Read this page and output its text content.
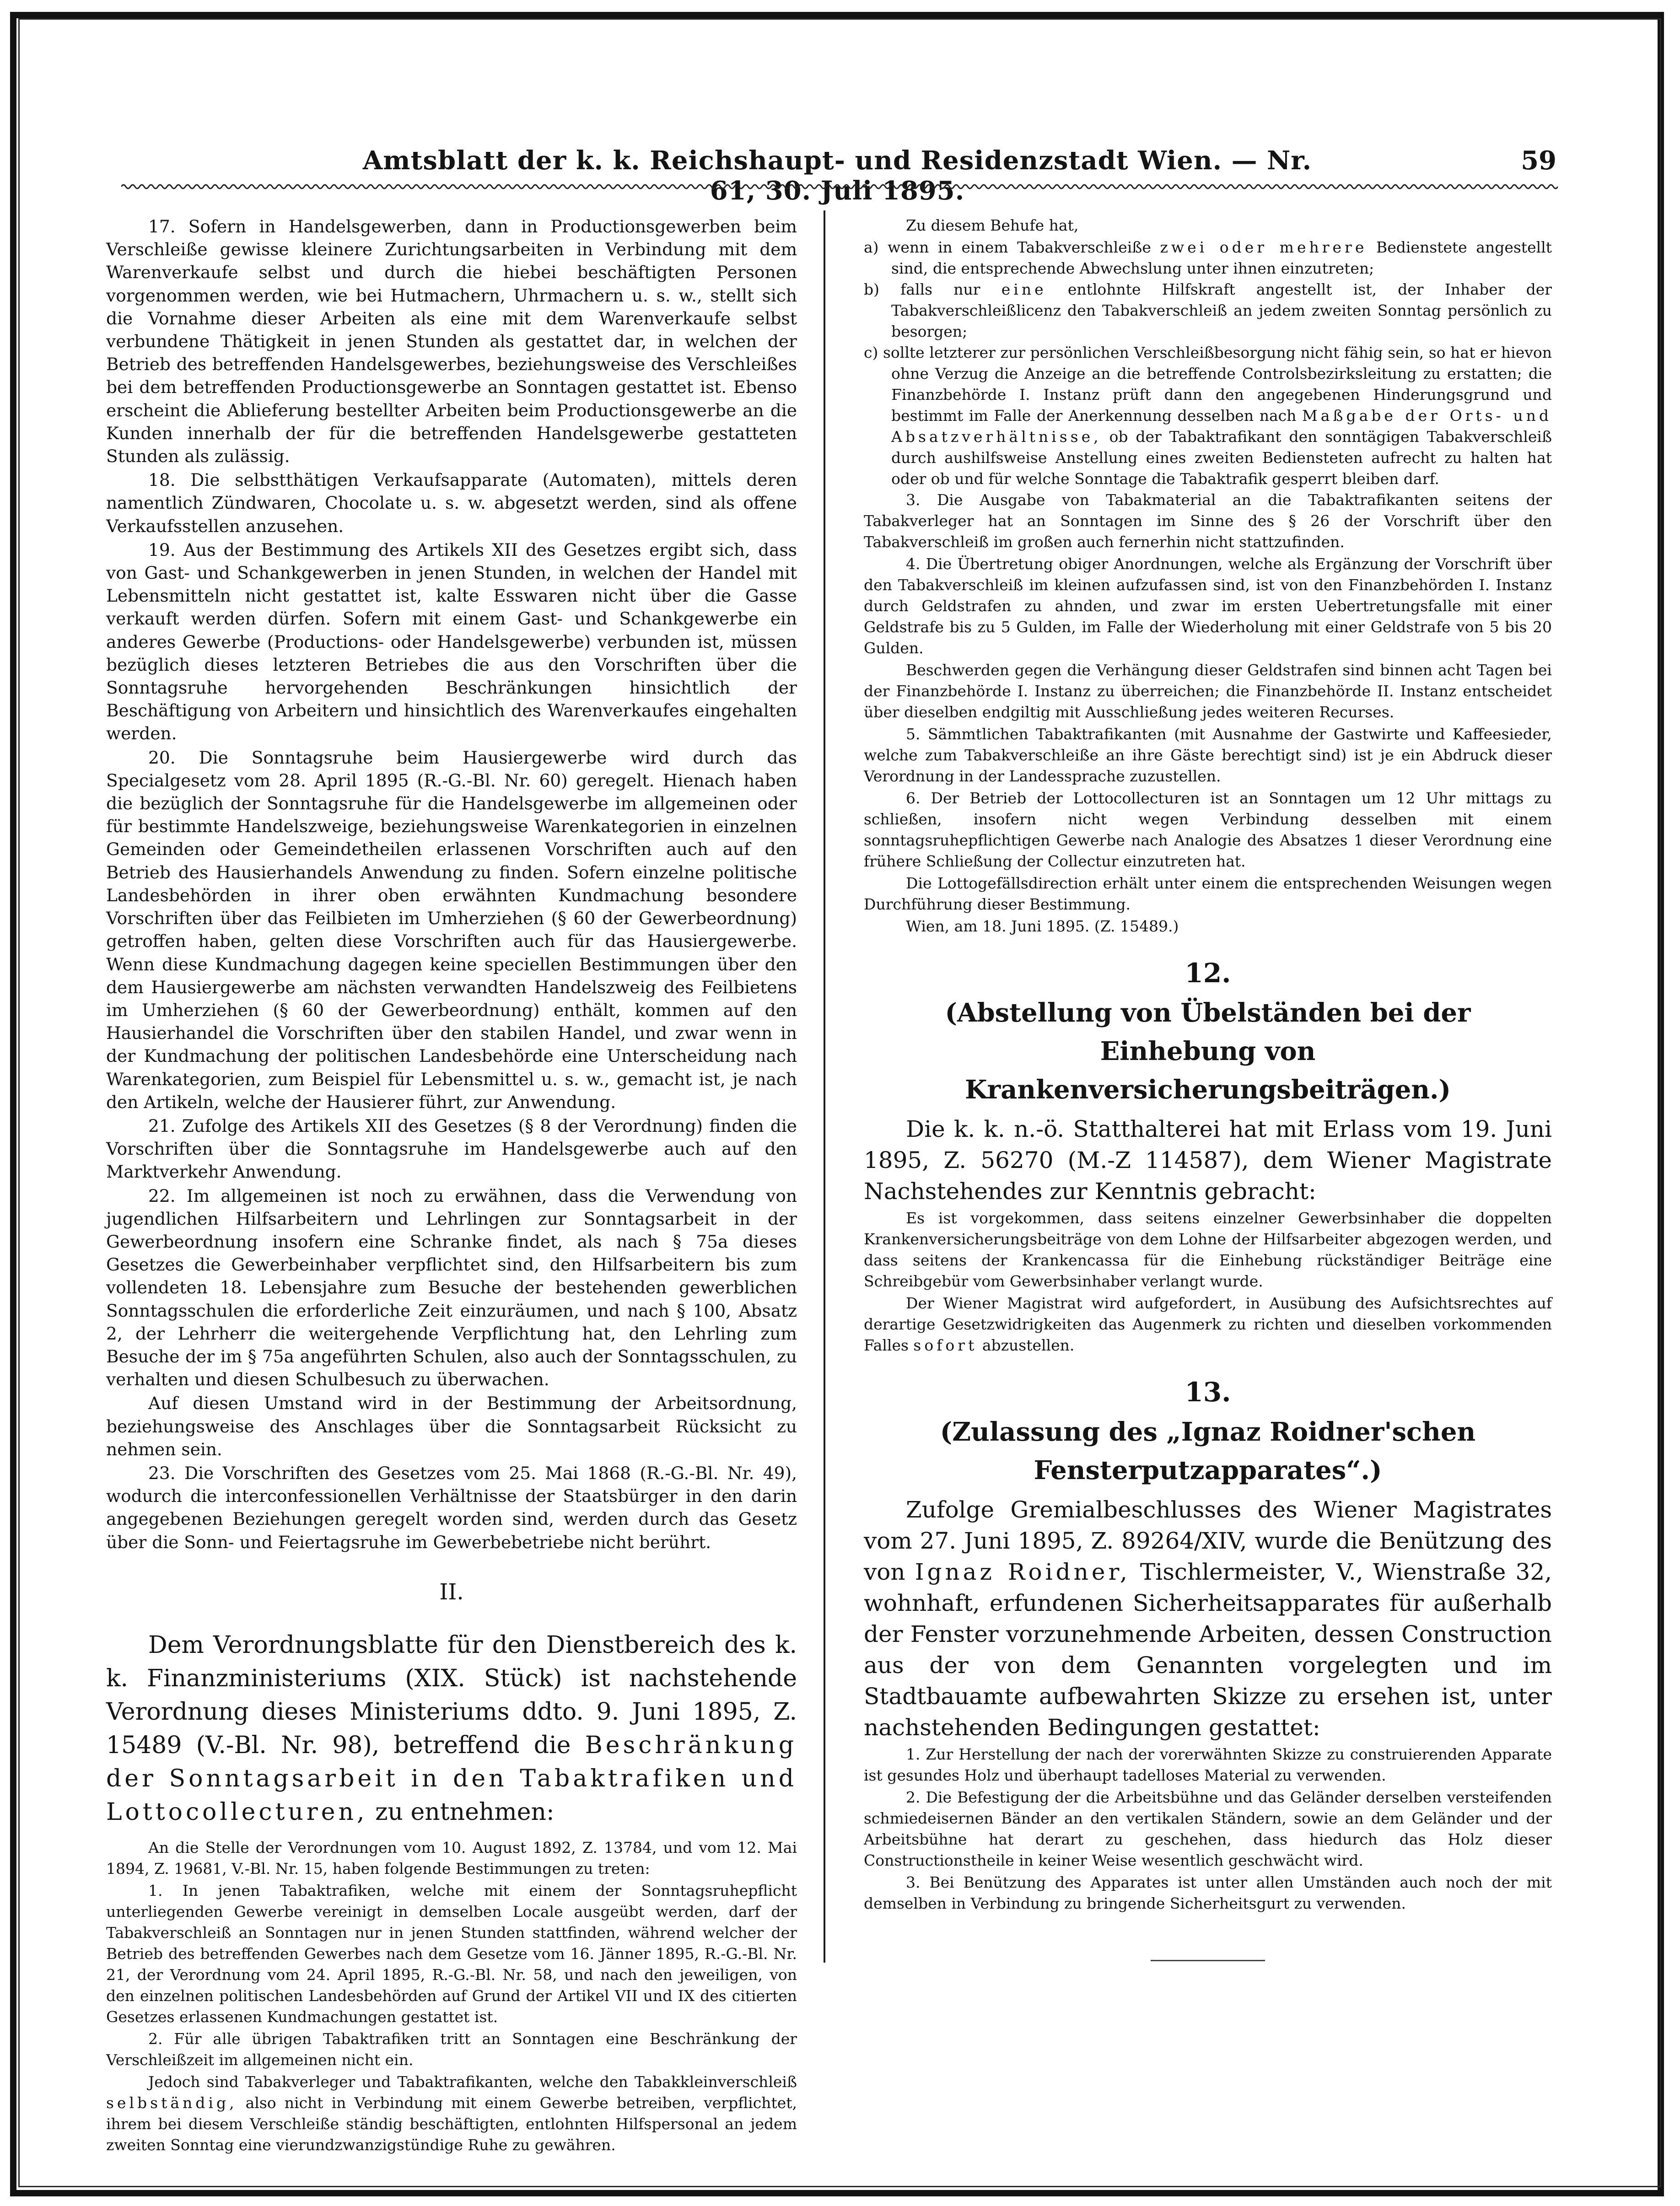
Amtsblatt der k. k. Reichshaupt- und Residenzstadt Wien. — Nr. 61, 30. Juli 1895.
59

17. Sofern in Handelsgewerben, dann in Productionsgewerben beim Verschleiße gewisse kleinere Zurichtungsarbeiten in Verbindung mit dem Warenverkaufe selbst und durch die hiebei beschäftigten Personen vorgenommen werden, wie bei Hutmachern, Uhrmachern u. s. w., stellt sich die Vornahme dieser Arbeiten als eine mit dem Warenverkaufe selbst verbundene Thätigkeit in jenen Stunden als gestattet dar, in welchen der Betrieb des betreffenden Handelsgewerbes, beziehungsweise des Verschleißes bei dem betreffenden Productionsgewerbe an Sonntagen gestattet ist. Ebenso erscheint die Ablieferung bestellter Arbeiten beim Productionsgewerbe an die Kunden innerhalb der für die betreffenden Handelsgewerbe gestatteten Stunden als zulässig.

18. Die selbstthätigen Verkaufsapparate (Automaten), mittels deren namentlich Zündwaren, Chocolate u. s. w. abgesetzt werden, sind als offene Verkaufsstellen anzusehen.

19. Aus der Bestimmung des Artikels XII des Gesetzes ergibt sich, dass von Gast- und Schankgewerben in jenen Stunden, in welchen der Handel mit Lebensmitteln nicht gestattet ist, kalte Esswaren nicht über die Gasse verkauft werden dürfen. Sofern mit einem Gast- und Schankgewerbe ein anderes Gewerbe (Productions- oder Handelsgewerbe) verbunden ist, müssen bezüglich dieses letzteren Betriebes die aus den Vorschriften über die Sonntagsruhe hervorgehenden Beschränkungen hinsichtlich der Beschäftigung von Arbeitern und hinsichtlich des Warenverkaufes eingehalten werden.

20. Die Sonntagsruhe beim Hausiergewerbe wird durch das Specialgesetz vom 28. April 1895 (R.-G.-Bl. Nr. 60) geregelt. Hienach haben die bezüglich der Sonntagsruhe für die Handelsgewerbe im allgemeinen oder für bestimmte Handelszweige, beziehungsweise Warenkategorien in einzelnen Gemeinden oder Gemeindetheilen erlassenen Vorschriften auch auf den Betrieb des Hausierhandels Anwendung zu finden. Sofern einzelne politische Landesbehörden in ihrer oben erwähnten Kundmachung besondere Vorschriften über das Feilbieten im Umherziehen (§ 60 der Gewerbeordnung) getroffen haben, gelten diese Vorschriften auch für das Hausiergewerbe. Wenn diese Kundmachung dagegen keine speciellen Bestimmungen über den dem Hausiergewerbe am nächsten verwandten Handelszweig des Feilbietens im Umherziehen (§ 60 der Gewerbeordnung) enthält, kommen auf den Hausierhandel die Vorschriften über den stabilen Handel, und zwar wenn in der Kundmachung der politischen Landesbehörde eine Unterscheidung nach Warenkategorien, zum Beispiel für Lebensmittel u. s. w., gemacht ist, je nach den Artikeln, welche der Hausierer führt, zur Anwendung.

21. Zufolge des Artikels XII des Gesetzes (§ 8 der Verordnung) finden die Vorschriften über die Sonntagsruhe im Handelsgewerbe auch auf den Marktverkehr Anwendung.

22. Im allgemeinen ist noch zu erwähnen, dass die Verwendung von jugendlichen Hilfsarbeitern und Lehrlingen zur Sonntagsarbeit in der Gewerbeordnung insofern eine Schranke findet, als nach § 75a dieses Gesetzes die Gewerbeinhaber verpflichtet sind, den Hilfsarbeitern bis zum vollendeten 18. Lebensjahre zum Besuche der bestehenden gewerblichen Sonntagsschulen die erforderliche Zeit einzuräumen, und nach § 100, Absatz 2, der Lehrherr die weitergehende Verpflichtung hat, den Lehrling zum Besuche der im § 75a angeführten Schulen, also auch der Sonntagsschulen, zu verhalten und diesen Schulbesuch zu überwachen.

Auf diesen Umstand wird in der Bestimmung der Arbeitsordnung, beziehungsweise des Anschlages über die Sonntagsarbeit Rücksicht zu nehmen sein.

23. Die Vorschriften des Gesetzes vom 25. Mai 1868 (R.-G.-Bl. Nr. 49), wodurch die interconfessionellen Verhältnisse der Staatsbürger in den darin angegebenen Beziehungen geregelt worden sind, werden durch das Gesetz über die Sonn- und Feiertagsruhe im Gewerbebetriebe nicht berührt.

II.

Dem Verordnungsblatte für den Dienstbereich des k. k. Finanzministeriums (XIX. Stück) ist nachstehende Verordnung dieses Ministeriums ddto. 9. Juni 1895, Z. 15489 (V.-Bl. Nr. 98), betreffend die Beschränkung der Sonntagsarbeit in den Tabaktrafiken und Lottocollecturen, zu entnehmen:

An die Stelle der Verordnungen vom 10. August 1892, Z. 13784, und vom 12. Mai 1894, Z. 19681, V.-Bl. Nr. 15, haben folgende Bestimmungen zu treten:

1. In jenen Tabaktrafiken, welche mit einem der Sonntagsruhepflicht unterliegenden Gewerbe vereinigt in demselben Locale ausgeübt werden, darf der Tabakverschleiß an Sonntagen nur in jenen Stunden stattfinden, während welcher der Betrieb des betreffenden Gewerbes nach dem Gesetze vom 16. Jänner 1895, R.-G.-Bl. Nr. 21, der Verordnung vom 24. April 1895, R.-G.-Bl. Nr. 58, und nach den jeweiligen, von den einzelnen politischen Landesbehörden auf Grund der Artikel VII und IX des citierten Gesetzes erlassenen Kundmachungen gestattet ist.

2. Für alle übrigen Tabaktrafiken tritt an Sonntagen eine Beschränkung der Verschleißzeit im allgemeinen nicht ein.

Jedoch sind Tabakverleger und Tabaktrafikanten, welche den Tabakkleinverschleiß selbständig, also nicht in Verbindung mit einem Gewerbe betreiben, verpflichtet, ihrem bei diesem Verschleiße ständig beschäftigten, entlohnten Hilfspersonal an jedem zweiten Sonntag eine vierundzwanzigstündige Ruhe zu gewähren.

Zu diesem Behufe hat,

a) wenn in einem Tabakverschleiße zwei oder mehrere Bedienstete angestellt sind, die entsprechende Abwechslung unter ihnen einzutreten;

b) falls nur eine entlohnte Hilfskraft angestellt ist, der Inhaber der Tabakverschleißlicenz den Tabakverschleiß an jedem zweiten Sonntag persönlich zu besorgen;

c) sollte letzterer zur persönlichen Verschleißbesorgung nicht fähig sein, so hat er hievon ohne Verzug die Anzeige an die betreffende Controlsbezirksleitung zu erstatten; die Finanzbehörde I. Instanz prüft dann den angegebenen Hinderungsgrund und bestimmt im Falle der Anerkennung desselben nach Maßgabe der Orts- und Absatzverhältnisse, ob der Tabaktrafikant den sonntägigen Tabakverschleiß durch aushilfsweise Anstellung eines zweiten Bediensteten aufrecht zu halten hat oder ob und für welche Sonntage die Tabaktrafik gesperrt bleiben darf.

3. Die Ausgabe von Tabakmaterial an die Tabaktrafikanten seitens der Tabakverleger hat an Sonntagen im Sinne des § 26 der Vorschrift über den Tabakverschleiß im großen auch fernerhin nicht stattzufinden.

4. Die Übertretung obiger Anordnungen, welche als Ergänzung der Vorschrift über den Tabakverschleiß im kleinen aufzufassen sind, ist von den Finanzbehörden I. Instanz durch Geldstrafen zu ahnden, und zwar im ersten Uebertretungsfalle mit einer Geldstrafe bis zu 5 Gulden, im Falle der Wiederholung mit einer Geldstrafe von 5 bis 20 Gulden.

Beschwerden gegen die Verhängung dieser Geldstrafen sind binnen acht Tagen bei der Finanzbehörde I. Instanz zu überreichen; die Finanzbehörde II. Instanz entscheidet über dieselben endgiltig mit Ausschließung jedes weiteren Recurses.

5. Sämmtlichen Tabaktrafikanten (mit Ausnahme der Gastwirte und Kaffeesieder, welche zum Tabakverschleiße an ihre Gäste berechtigt sind) ist je ein Abdruck dieser Verordnung in der Landessprache zuzustellen.

6. Der Betrieb der Lottocollecturen ist an Sonntagen um 12 Uhr mittags zu schließen, insofern nicht wegen Verbindung desselben mit einem sonntagsruhepflichtigen Gewerbe nach Analogie des Absatzes 1 dieser Verordnung eine frühere Schließung der Collectur einzutreten hat.

Die Lottogefällsdirection erhält unter einem die entsprechenden Weisungen wegen Durchführung dieser Bestimmung.

Wien, am 18. Juni 1895. (Z. 15489.)

12.
(Abstellung von Übelständen bei der Einhebung von Krankenversicherungsbeiträgen.)

Die k. k. n.-ö. Statthalterei hat mit Erlass vom 19. Juni 1895, Z. 56270 (M.-Z 114587), dem Wiener Magistrate Nachstehendes zur Kenntnis gebracht:

Es ist vorgekommen, dass seitens einzelner Gewerbsinhaber die doppelten Krankenversicherungsbeiträge von dem Lohne der Hilfsarbeiter abgezogen werden, und dass seitens der Krankencassa für die Einhebung rückständiger Beiträge eine Schreibgebür vom Gewerbsinhaber verlangt wurde.

Der Wiener Magistrat wird aufgefordert, in Ausübung des Aufsichtsrechtes auf derartige Gesetzwidrigkeiten das Augenmerk zu richten und dieselben vorkommenden Falles sofort abzustellen.

13.
(Zulassung des „Ignaz Roidner'schen Fensterputzapparates“.)

Zufolge Gremialbeschlusses des Wiener Magistrates vom 27. Juni 1895, Z. 89264/XIV, wurde die Benützung des von Ignaz Roidner, Tischlermeister, V., Wienstraße 32, wohnhaft, erfundenen Sicherheitsapparates für außerhalb der Fenster vorzunehmende Arbeiten, dessen Construction aus der von dem Genannten vorgelegten und im Stadtbauamte aufbewahrten Skizze zu ersehen ist, unter nachstehenden Bedingungen gestattet:

1. Zur Herstellung der nach der vorerwähnten Skizze zu construierenden Apparate ist gesundes Holz und überhaupt tadelloses Material zu verwenden.

2. Die Befestigung der die Arbeitsbühne und das Geländer derselben versteifenden schmiedeisernen Bänder an den vertikalen Ständern, sowie an dem Geländer und der Arbeitsbühne hat derart zu geschehen, dass hiedurch das Holz dieser Constructionstheile in keiner Weise wesentlich geschwächt wird.

3. Bei Benützung des Apparates ist unter allen Umständen auch noch der mit demselben in Verbindung zu bringende Sicherheitsgurt zu verwenden.
